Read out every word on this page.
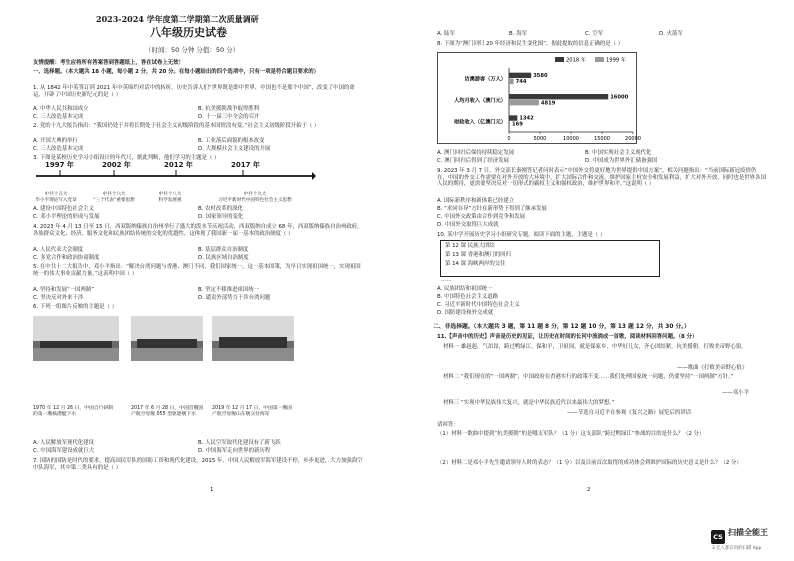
2023-2024 学年度第二学期第二次质量调研
八年级历史试卷
（时间：50 分钟 分值：50 分）
友情提醒：考生应将所有答案答到答题纸上，答在试卷上无效！
一、选择题。（本大题共 18 小题，每小题 2 分，共 20 分。在每小题给出的四个选项中，只有一项是符合题目要求的）
1. 从 1842 年中英签订到 2021 年中英缔约对话中的转折。历史告诉人们“世界既是即中世界，中国也不是那个中国”，改变了中国的命运，开辟了中国历史新纪元的是（ ）
A. 中华人民共和国成立	B. 抗美援朝战争取得胜利
C. 三大改造基本完成	D. 十一届三中全会的召开
2. 党的十九大报告指出：“我国仍处于并将长期处于社会主义初级阶段的基本国情没有变。”社会主义初级阶段开始于（ ）
A. 开国大典的举行	B. 工业落后面貌的根本改变
C. 三大改造基本完成	D. 大规模社会主义建设的开展
3. 下图是某校历史学习小组设计的年代尺，据此判断，他们学习的主题是（ ）
1997 年	2002 年	2012 年	2017 年
中共十五大
毕小平理论写入党章
中共十六大
“三个代表”重要思想
中共十八大
科学发展观
中共十九大
习近平新时代中国特色社会主义思想
A. 建设中国特色社会主义	B. 农村改革的深化
C. 邓小平理论的形成与发展	D. 国家领导的变化
4. 2023 年 4 月 13 日至 15 日，西双版纳傣族自治州举行了盛大的泼水节庆祝活动，西双版纳自成立 68 年，西双版纳傣族自治州政府，各族群众文化、经济、服务文化和民族团结传统的交化的优越性，这体现了我国新一届一基本的政治制度（ ）
A. 人民代表大会制度	B. 基层群众自治制度
C. 多党合作和政治协商制度	D. 民族区域自治制度
5. 在中共十二大报告中，邓小平指出：“解决台湾问题与香港、澳门不同，我们国家统一，这一基本国策，为早日实现祖国统一，实现祖国统一的伟大事业贡献力量。”这表明中国（ ）
A. 坚持和发展“一国两制”	B. 坚定不移推进祖国统一
C. 坚决反对外来干涉	D. 谴责外部势力干涉台湾问题
6. 下列一组图片反映的主题是（ ）
1970 年 12 月 26 日，中国自行研制的第一艘核潜艇下水
2017 年 6 月 28 日，中国首艘国产航空母舰 055 型驱逐舰下水
2019 年 12 月 17 日，中国第一艘国产航空母舰山东舰交付海军
A. 人民解放军现代化建设	B. 人民空军取代化建设有了新飞跃
C. 中国海军建设成就巨大	D. 中国海军走向世界的新历程
7. 国防的国防是时代的要求，提高国民军队的国防工资和现代化建设，2015 年，中国人民解放军海军建设不停，步步更进，大力加强海空中队海军，其中第二类具有的是（ ）
1
A. 陆军	B. 海军	C. 空军	D. 火箭军
8. 下图为“澳门回归 20 年经济和民生变化图”，据此提取的信息正确的是（ ）
0	5000	10000	15000	20000
访澳游客（万人）
3580
744
人均月收入（澳门元）
16000
4819
财政收入（亿澳门元）
1342
169
2018 年	1999 年
A. 澳门回归后保持持续稳定发展	B. 中国实现社会主义现代化
C. 澳门回归后得到了经济发展	D. 中国成为世界外汇储备强国
9. 2023 年 3 月 7 日，外交部长秦刚答记者问时表示“中国外交将更好地为世界提供中国方案”。相关问题指出：“当前国际新冠疫情仍在，中国的外交工作需要在对外开放的大环境中，扩大国际合作和交流，维护国家主权安全和发展利益，扩大对外开放，同时也是世界各国人民的期待，更需要坚决反对一切形式的霸权主义和强权政治，维护世界和平。”这说明（ ）
A. 国际新秩序和新体系已经建立
B. “求同存异”方针在新形势下得到了继承发展
C. 中国外交政策由合作到竞争和发展
D. 中国外交取得巨大成就
10. 某中学开展历史学习小组研究专题，阅读下面的主题，主题是（ ）
第 12 课 民族大团结
第 13 课 香港和澳门的回归
第 14 课 海峡两岸的交往
……
A. 民族团结和祖国统一
B. 中国特色社会主义道路
C. 习近平新时代中国特色社会主义
D. 国防建设和外交成就
二、非选择题。（本大题共 3 题，第 11 题 8 分，第 12 题 10 分，第 13 题 12 分，共 30 分。）
11.【声音中的历史】声音是历史的见证，让历史在时间的长河中流淌成一首歌，阅读材料回答问题。（8 分）
材料一 雄赳赳，气昂昂，跨过鸭绿江。保和平，卫祖国，就是保家乡。中华好儿女，齐心团结紧，抗美援朝，打败美帝野心狼。
——歌曲《打败美帝野心狼》
材料二 “我们现在的“一国两制”，中国政府在香港实行的政策不变……我们处理国家统一问题，仍要坚持“一国两制”方针。”
——邓小平
材料三 “实现中华民族伟大复兴，就是中华民族近代以来最伟大的梦想。”
——节选自习近平在参观《复兴之路》展览后的讲话
请回答：
（1）材料一歌曲中提到“抗美援朝”的是哪支军队？（1 分）这支部队“跨过鸭绿江”参战的目的是什么？（2 分）
（2）材料二是邓小平先生邀请领导人时的表态？（1 分）以及目前首次取得的成功体会到维护国际的历史意义是什么？（2 分）
2
CS 扫描全能王
3 亿人都在用的扫描 App
